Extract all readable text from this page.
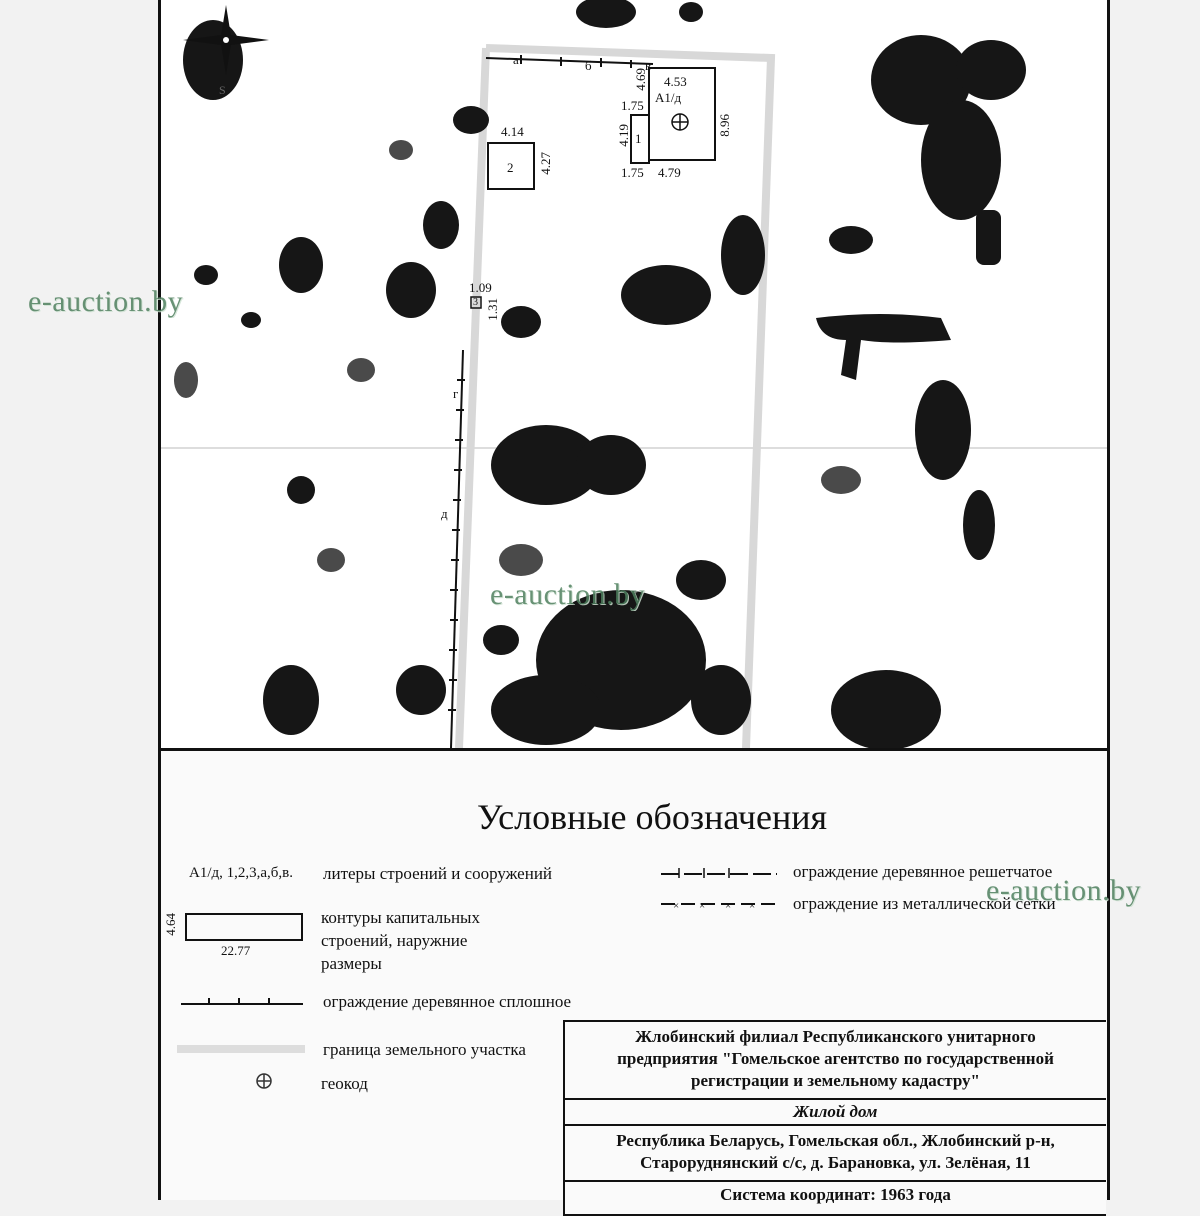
S
а	б	в
г
д
4.53
А1/д
8.96
4.79
4.69
1.75
1
4.19
1.75
4.14
2 4.27
1.09
3 1.31
Условные обозначения
А1/д, 1,2,3,а,б,в. литеры строений и сооружений
4.64
22.77
контуры капитальных
строений, наружние
размеры
ограждение деревянное сплошное
граница земельного участка
геокод
ограждение деревянное решетчатое
× × × × ограждение из металлической сетки
Жлобинский филиал Республиканского унитарного
предприятия "Гомельское агентство по государственной
регистрации и земельному кадастру"
Жилой дом
Республика Беларусь, Гомельская обл., Жлобинский р-н,
Староруднянский с/с, д. Барановка, ул. Зелёная, 11
Система координат: 1963 года
e-auction.by
e-auction.by
e-auction.by
